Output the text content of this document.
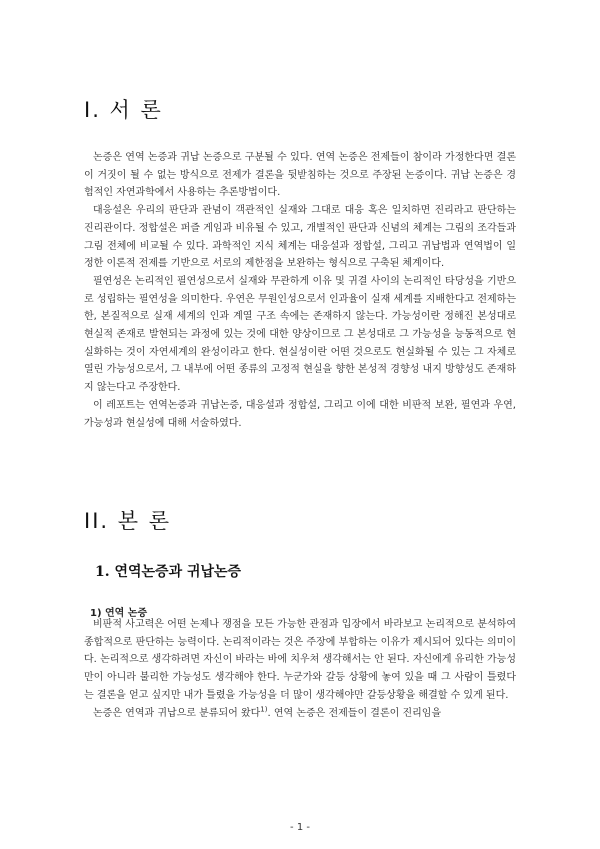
I. 서 론

논증은 연역 논증과 귀납 논증으로 구분될 수 있다. 연역 논증은 전제들이 참이라 가정한다면 결론이 거짓이 될 수 없는 방식으로 전제가 결론을 뒷받침하는 것으로 주장된 논증이다. 귀납 논증은 경험적인 자연과학에서 사용하는 추론방법이다.

대응설은 우리의 판단과 관념이 객관적인 실재와 그대로 대응 혹은 일치하면 진리라고 판단하는 진리관이다. 정합설은 퍼즐 게임과 비유될 수 있고, 개별적인 판단과 신념의 체계는 그림의 조각들과 그림 전체에 비교될 수 있다. 과학적인 지식 체계는 대응설과 정합설, 그리고 귀납법과 연역법이 일정한 이론적 전제를 기반으로 서로의 제한점을 보완하는 형식으로 구축된 체계이다.

필연성은 논리적인 필연성으로서 실재와 무관하게 이유 및 귀결 사이의 논리적인 타당성을 기반으로 성립하는 필연성을 의미한다. 우연은 무원인성으로서 인과율이 실재 세계를 지배한다고 전제하는 한, 본질적으로 실재 세계의 인과 계열 구조 속에는 존재하지 않는다. 가능성이란 정해진 본성대로 현실적 존재로 발현되는 과정에 있는 것에 대한 양상이므로 그 본성대로 그 가능성을 능동적으로 현실화하는 것이 자연세계의 완성이라고 한다. 현실성이란 어떤 것으로도 현실화될 수 있는 그 자체로 열린 가능성으로서, 그 내부에 어떤 종류의 고정적 현실을 향한 본성적 경향성 내지 방향성도 존재하지 않는다고 주장한다.

이 레포트는 연역논증과 귀납논증, 대응설과 정합설, 그리고 이에 대한 비판적 보완, 필연과 우연, 가능성과 현실성에 대해 서술하였다.

II. 본 론
1. 연역논증과 귀납논증
1) 연역 논증

비판적 사고력은 어떤 논제나 쟁점을 모든 가능한 관점과 입장에서 바라보고 논리적으로 분석하여 종합적으로 판단하는 능력이다. 논리적이라는 것은 주장에 부합하는 이유가 제시되어 있다는 의미이다. 논리적으로 생각하려면 자신이 바라는 바에 치우쳐 생각해서는 안 된다. 자신에게 유리한 가능성만이 아니라 불리한 가능성도 생각해야 한다. 누군가와 갈등 상황에 놓여 있을 때 그 사람이 틀렸다는 결론을 얻고 싶지만 내가 틀렸을 가능성을 더 많이 생각해야만 갈등상황을 해결할 수 있게 된다.

논증은 연역과 귀납으로 분류되어 왔다$^{1)}$. 연역 논증은 전제들이 결론이 진리임을

- 1 -
